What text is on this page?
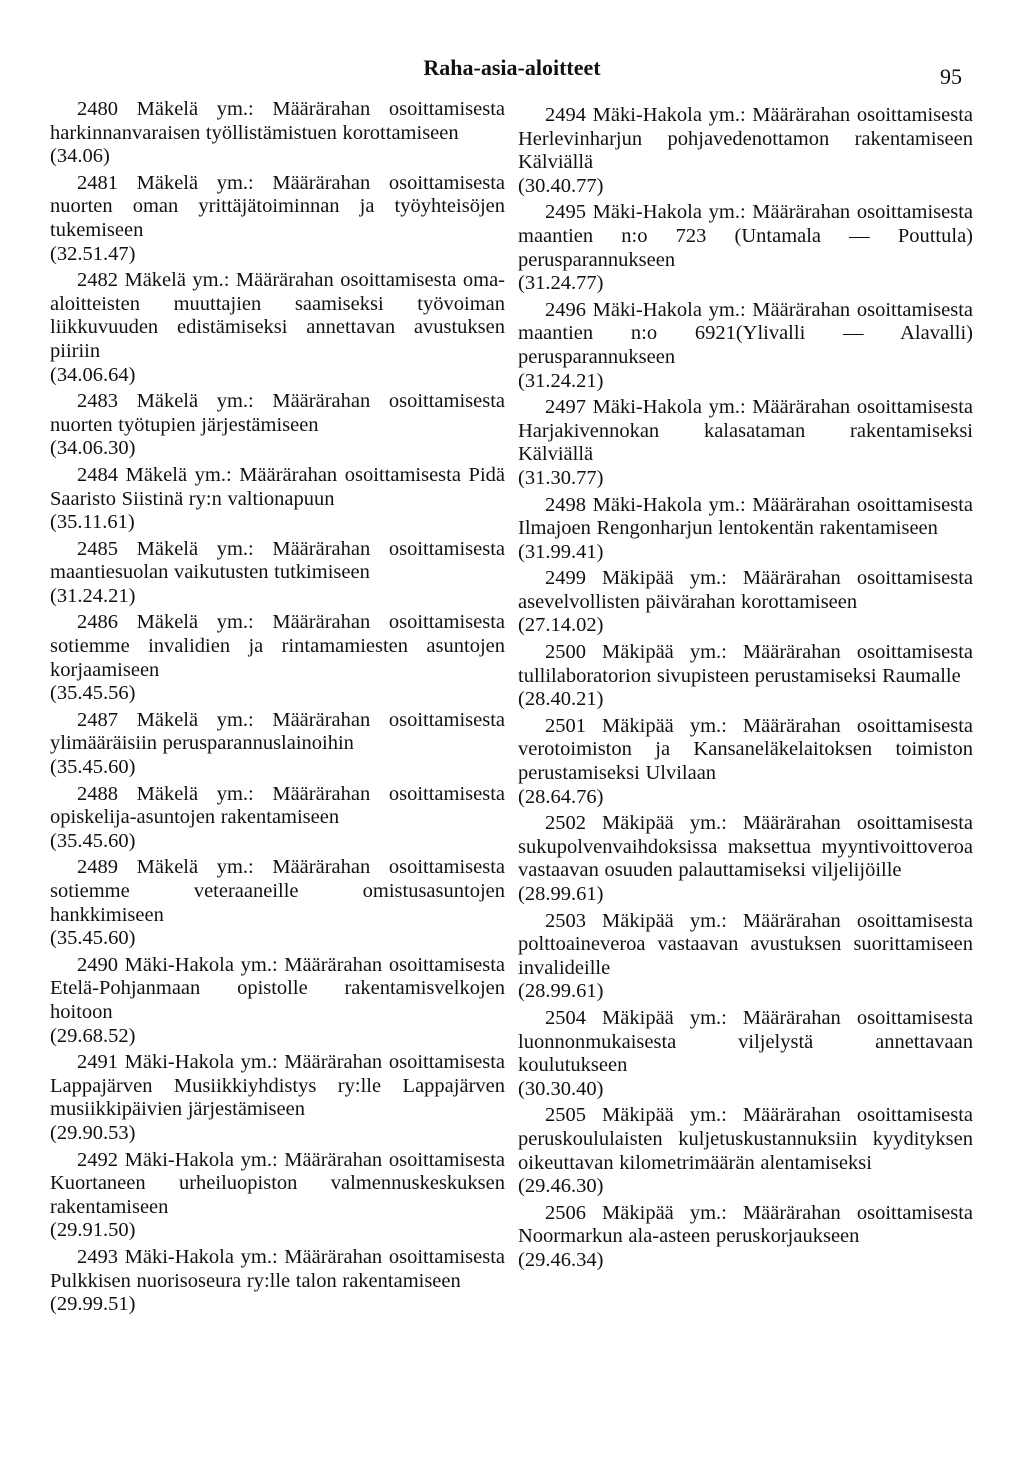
Raha-asia-aloitteet	95

2480 Mäkelä ym.: Määrärahan osoittamisesta harkinnanvaraisen työllistämistuen korottamiseen

(34.06)

2481 Mäkelä ym.: Määrärahan osoittamisesta nuorten oman yrittäjätoiminnan ja työyhteisöjen tukemiseen

(32.51.47)

2482 Mäkelä ym.: Määrärahan osoittamisesta oma-aloitteisten muuttajien saamiseksi työvoiman liikkuvuuden edistämiseksi annettavan avustuksen piiriin

(34.06.64)

2483 Mäkelä ym.: Määrärahan osoittamisesta nuorten työtupien järjestämiseen

(34.06.30)

2484 Mäkelä ym.: Määrärahan osoittamisesta Pidä Saaristo Siistinä ry:n valtionapuun

(35.11.61)

2485 Mäkelä ym.: Määrärahan osoittamisesta maantiesuolan vaikutusten tutkimiseen

(31.24.21)

2486 Mäkelä ym.: Määrärahan osoittamisesta sotiemme invalidien ja rintamamiesten asuntojen korjaamiseen

(35.45.56)

2487 Mäkelä ym.: Määrärahan osoittamisesta ylimääräisiin perusparannuslainoihin

(35.45.60)

2488 Mäkelä ym.: Määrärahan osoittamisesta opiskelija-asuntojen rakentamiseen

(35.45.60)

2489 Mäkelä ym.: Määrärahan osoittamisesta sotiemme veteraaneille omistusasuntojen hankkimiseen

(35.45.60)

2490 Mäki-Hakola ym.: Määrärahan osoittamisesta Etelä-Pohjanmaan opistolle rakentamisvelkojen hoitoon

(29.68.52)

2491 Mäki-Hakola ym.: Määrärahan osoittamisesta Lappajärven Musiikkiyhdistys ry:lle Lappajärven musiikkipäivien järjestämiseen

(29.90.53)

2492 Mäki-Hakola ym.: Määrärahan osoittamisesta Kuortaneen urheiluopiston valmennuskeskuksen rakentamiseen

(29.91.50)

2493 Mäki-Hakola ym.: Määrärahan osoittamisesta Pulkkisen nuorisoseura ry:lle talon rakentamiseen

(29.99.51)

2494 Mäki-Hakola ym.: Määrärahan osoittamisesta Herlevinharjun pohjavedenottamon rakentamiseen Kälviällä

(30.40.77)

2495 Mäki-Hakola ym.: Määrärahan osoittamisesta maantien n:o 723 (Untamala — Pouttula) perusparannukseen

(31.24.77)

2496 Mäki-Hakola ym.: Määrärahan osoittamisesta maantien n:o 6921(Ylivalli — Alavalli) perusparannukseen

(31.24.21)

2497 Mäki-Hakola ym.: Määrärahan osoittamisesta Harjakivennokan kalasataman rakentamiseksi Kälviällä

(31.30.77)

2498 Mäki-Hakola ym.: Määrärahan osoittamisesta Ilmajoen Rengonharjun lentokentän rakentamiseen

(31.99.41)

2499 Mäkipää ym.: Määrärahan osoittamisesta asevelvollisten päivärahan korottamiseen

(27.14.02)

2500 Mäkipää ym.: Määrärahan osoittamisesta tullilaboratorion sivupisteen perustamiseksi Raumalle

(28.40.21)

2501 Mäkipää ym.: Määrärahan osoittamisesta verotoimiston ja Kansaneläkelaitoksen toimiston perustamiseksi Ulvilaan

(28.64.76)

2502 Mäkipää ym.: Määrärahan osoittamisesta sukupolvenvaihdoksissa maksettua myyntivoittoveroa vastaavan osuuden palauttamiseksi viljelijöille

(28.99.61)

2503 Mäkipää ym.: Määrärahan osoittamisesta polttoaineveroa vastaavan avustuksen suorittamiseen invalideille

(28.99.61)

2504 Mäkipää ym.: Määrärahan osoittamisesta luonnonmukaisesta viljelystä annettavaan koulutukseen

(30.30.40)

2505 Mäkipää ym.: Määrärahan osoittamisesta peruskoululaisten kuljetuskustannuksiin kyydityksen oikeuttavan kilometrimäärän alentamiseksi

(29.46.30)

2506 Mäkipää ym.: Määrärahan osoittamisesta Noormarkun ala-asteen peruskorjaukseen

(29.46.34)
